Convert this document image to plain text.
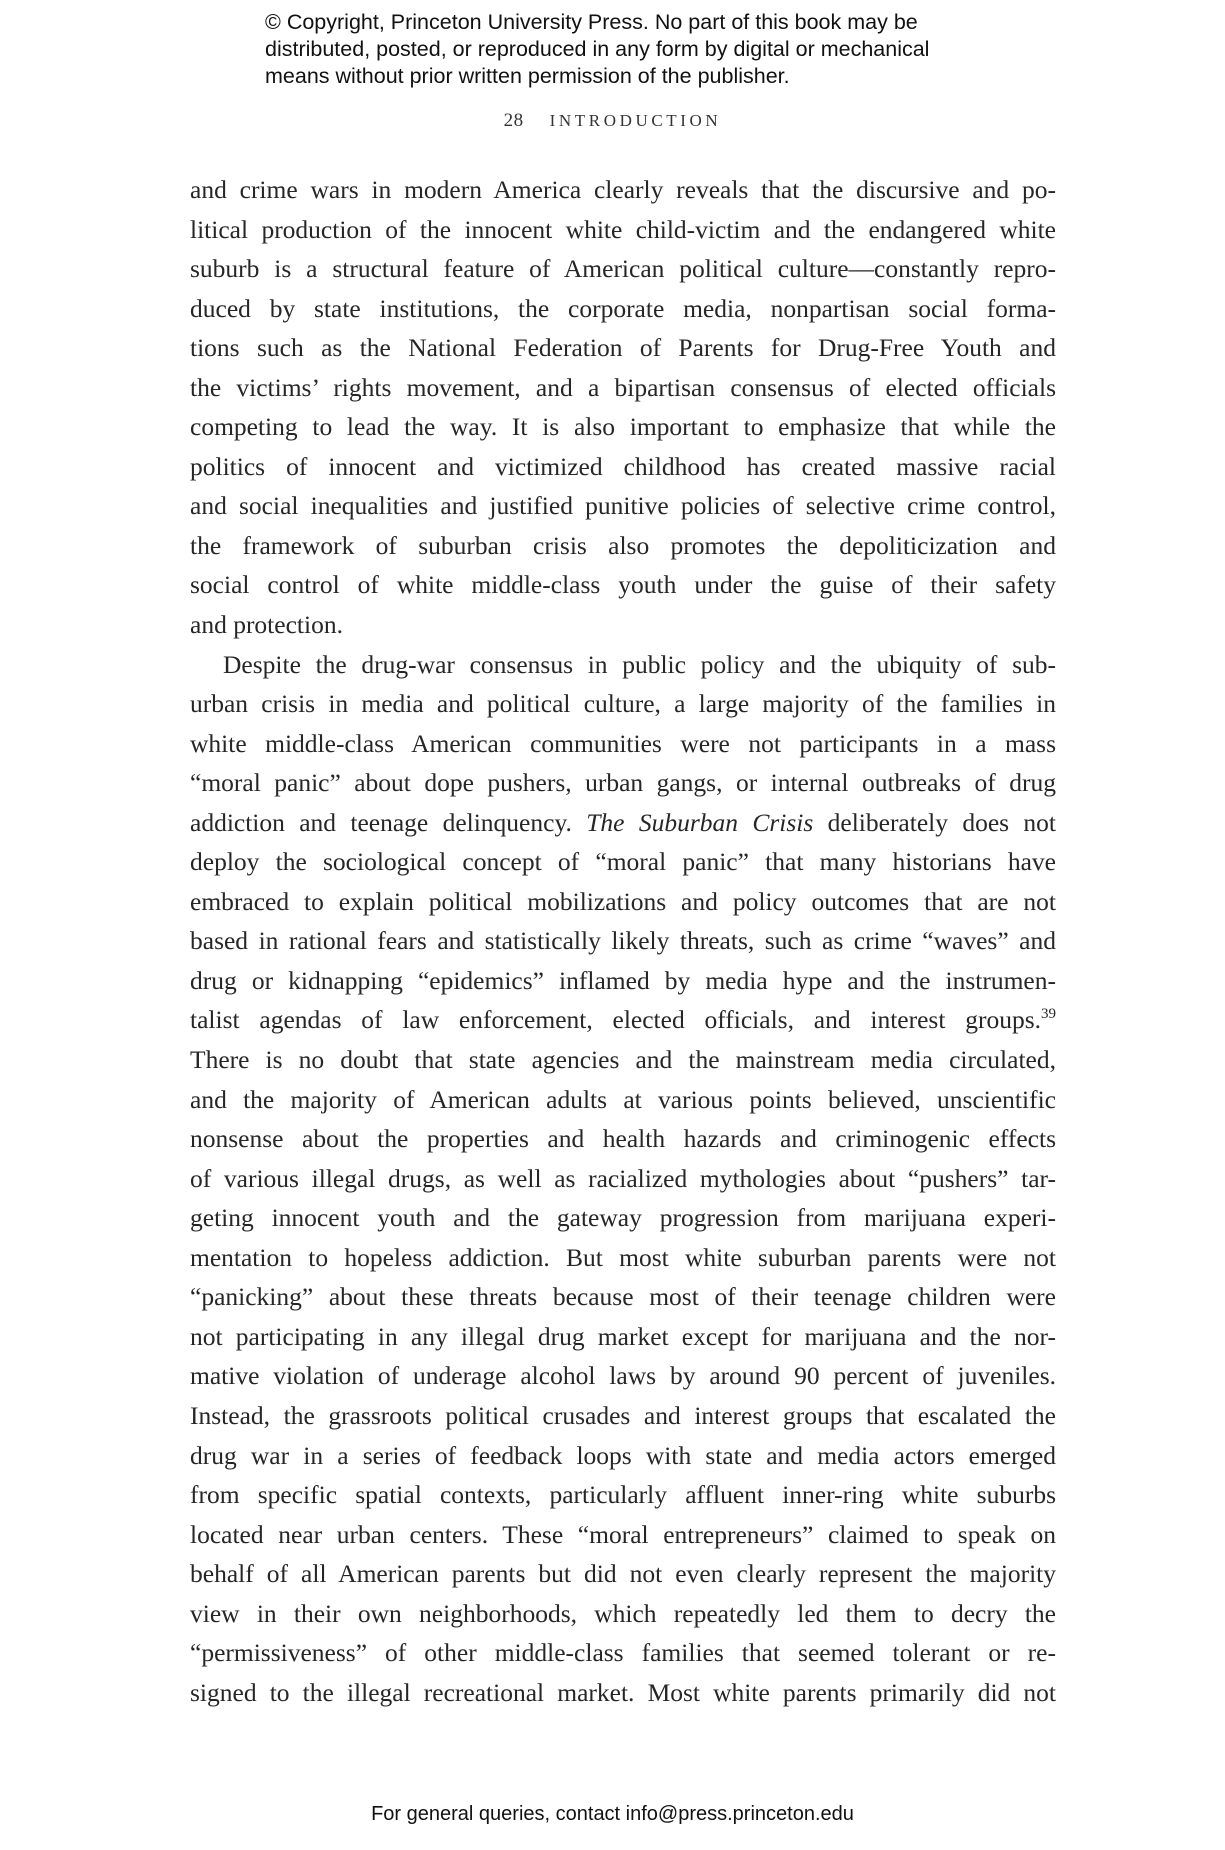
© Copyright, Princeton University Press. No part of this book may be
distributed, posted, or reproduced in any form by digital or mechanical
means without prior written permission of the publisher.
28 INTRODUCTION
and crime wars in modern America clearly reveals that the discursive and po-
litical production of the innocent white child-victim and the endangered white
suburb is a structural feature of American political culture—constantly repro-
duced by state institutions, the corporate media, nonpartisan social forma-
tions such as the National Federation of Parents for Drug-Free Youth and
the victims’ rights movement, and a bipartisan consensus of elected officials
competing to lead the way. It is also important to emphasize that while the
politics of innocent and victimized childhood has created massive racial
and social inequalities and justified punitive policies of selective crime control,
the framework of suburban crisis also promotes the depoliticization and
social control of white middle-class youth under the guise of their safety
and protection.
Despite the drug-war consensus in public policy and the ubiquity of sub-
urban crisis in media and political culture, a large majority of the families in
white middle-class American communities were not participants in a mass
“moral panic” about dope pushers, urban gangs, or internal outbreaks of drug
addiction and teenage delinquency. The Suburban Crisis deliberately does not
deploy the sociological concept of “moral panic” that many historians have
embraced to explain political mobilizations and policy outcomes that are not
based in rational fears and statistically likely threats, such as crime “waves” and
drug or kidnapping “epidemics” inflamed by media hype and the instrumen-
talist agendas of law enforcement, elected officials, and interest groups.$^{39}$
There is no doubt that state agencies and the mainstream media circulated,
and the majority of American adults at various points believed, unscientific
nonsense about the properties and health hazards and criminogenic effects
of various illegal drugs, as well as racialized mythologies about “pushers” tar-
geting innocent youth and the gateway progression from marijuana experi-
mentation to hopeless addiction. But most white suburban parents were not
“panicking” about these threats because most of their teenage children were
not participating in any illegal drug market except for marijuana and the nor-
mative violation of underage alcohol laws by around 90 percent of juveniles.
Instead, the grassroots political crusades and interest groups that escalated the
drug war in a series of feedback loops with state and media actors emerged
from specific spatial contexts, particularly affluent inner-ring white suburbs
located near urban centers. These “moral entrepreneurs” claimed to speak on
behalf of all American parents but did not even clearly represent the majority
view in their own neighborhoods, which repeatedly led them to decry the
“permissiveness” of other middle-class families that seemed tolerant or re-
signed to the illegal recreational market. Most white parents primarily did not
For general queries, contact info@press.princeton.edu
